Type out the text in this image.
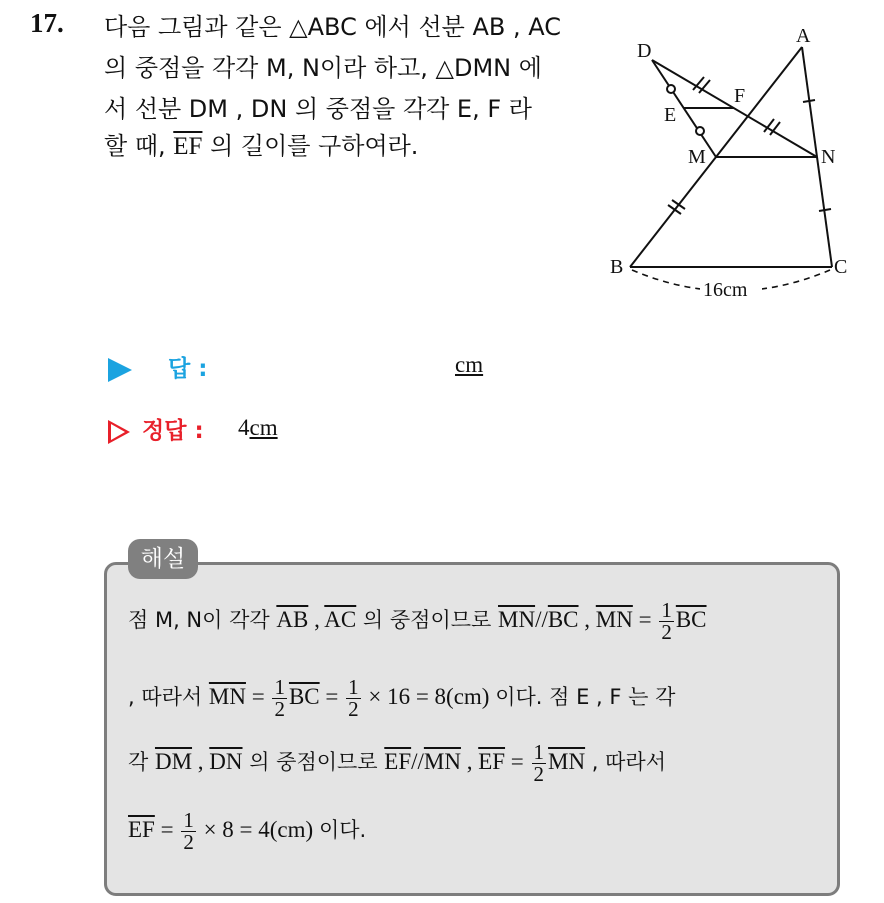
17. 다음 그림과 같은 △ABC 에서 선분 AB , AC
의 중점을 각각 M, N이라 하고, △DMN 에
서 선분 DM , DN 의 중점을 각각 E, F 라
할 때, $\overline{EF}$ 의 길이를 구하여라.
A
B	C
D
E
F
M	N
16cm
답 :	cm
정답 : 4cm
해설
점 M, N이 각각 $\overline{AB}$ , $\overline{AC}$ 의 중점이므로 $\overline{MN}//\overline{BC}$ , $\overline{MN} = \frac{1}{2} \overline{BC}$
, 따라서 $\overline{MN} = \frac{1}{2} \overline{BC} = \frac{1}{2} \times 16 = 8(cm)$ 이다. 점 E , F 는 각
각 $\overline{DM}$ , $\overline{DN}$ 의 중점이므로 $\overline{EF}//\overline{MN}$ , $\overline{EF} = \frac{1}{2} \overline{MN}$ , 따라서
$\overline{EF} = \frac{1}{2} \times 8 = 4(cm)$ 이다.
